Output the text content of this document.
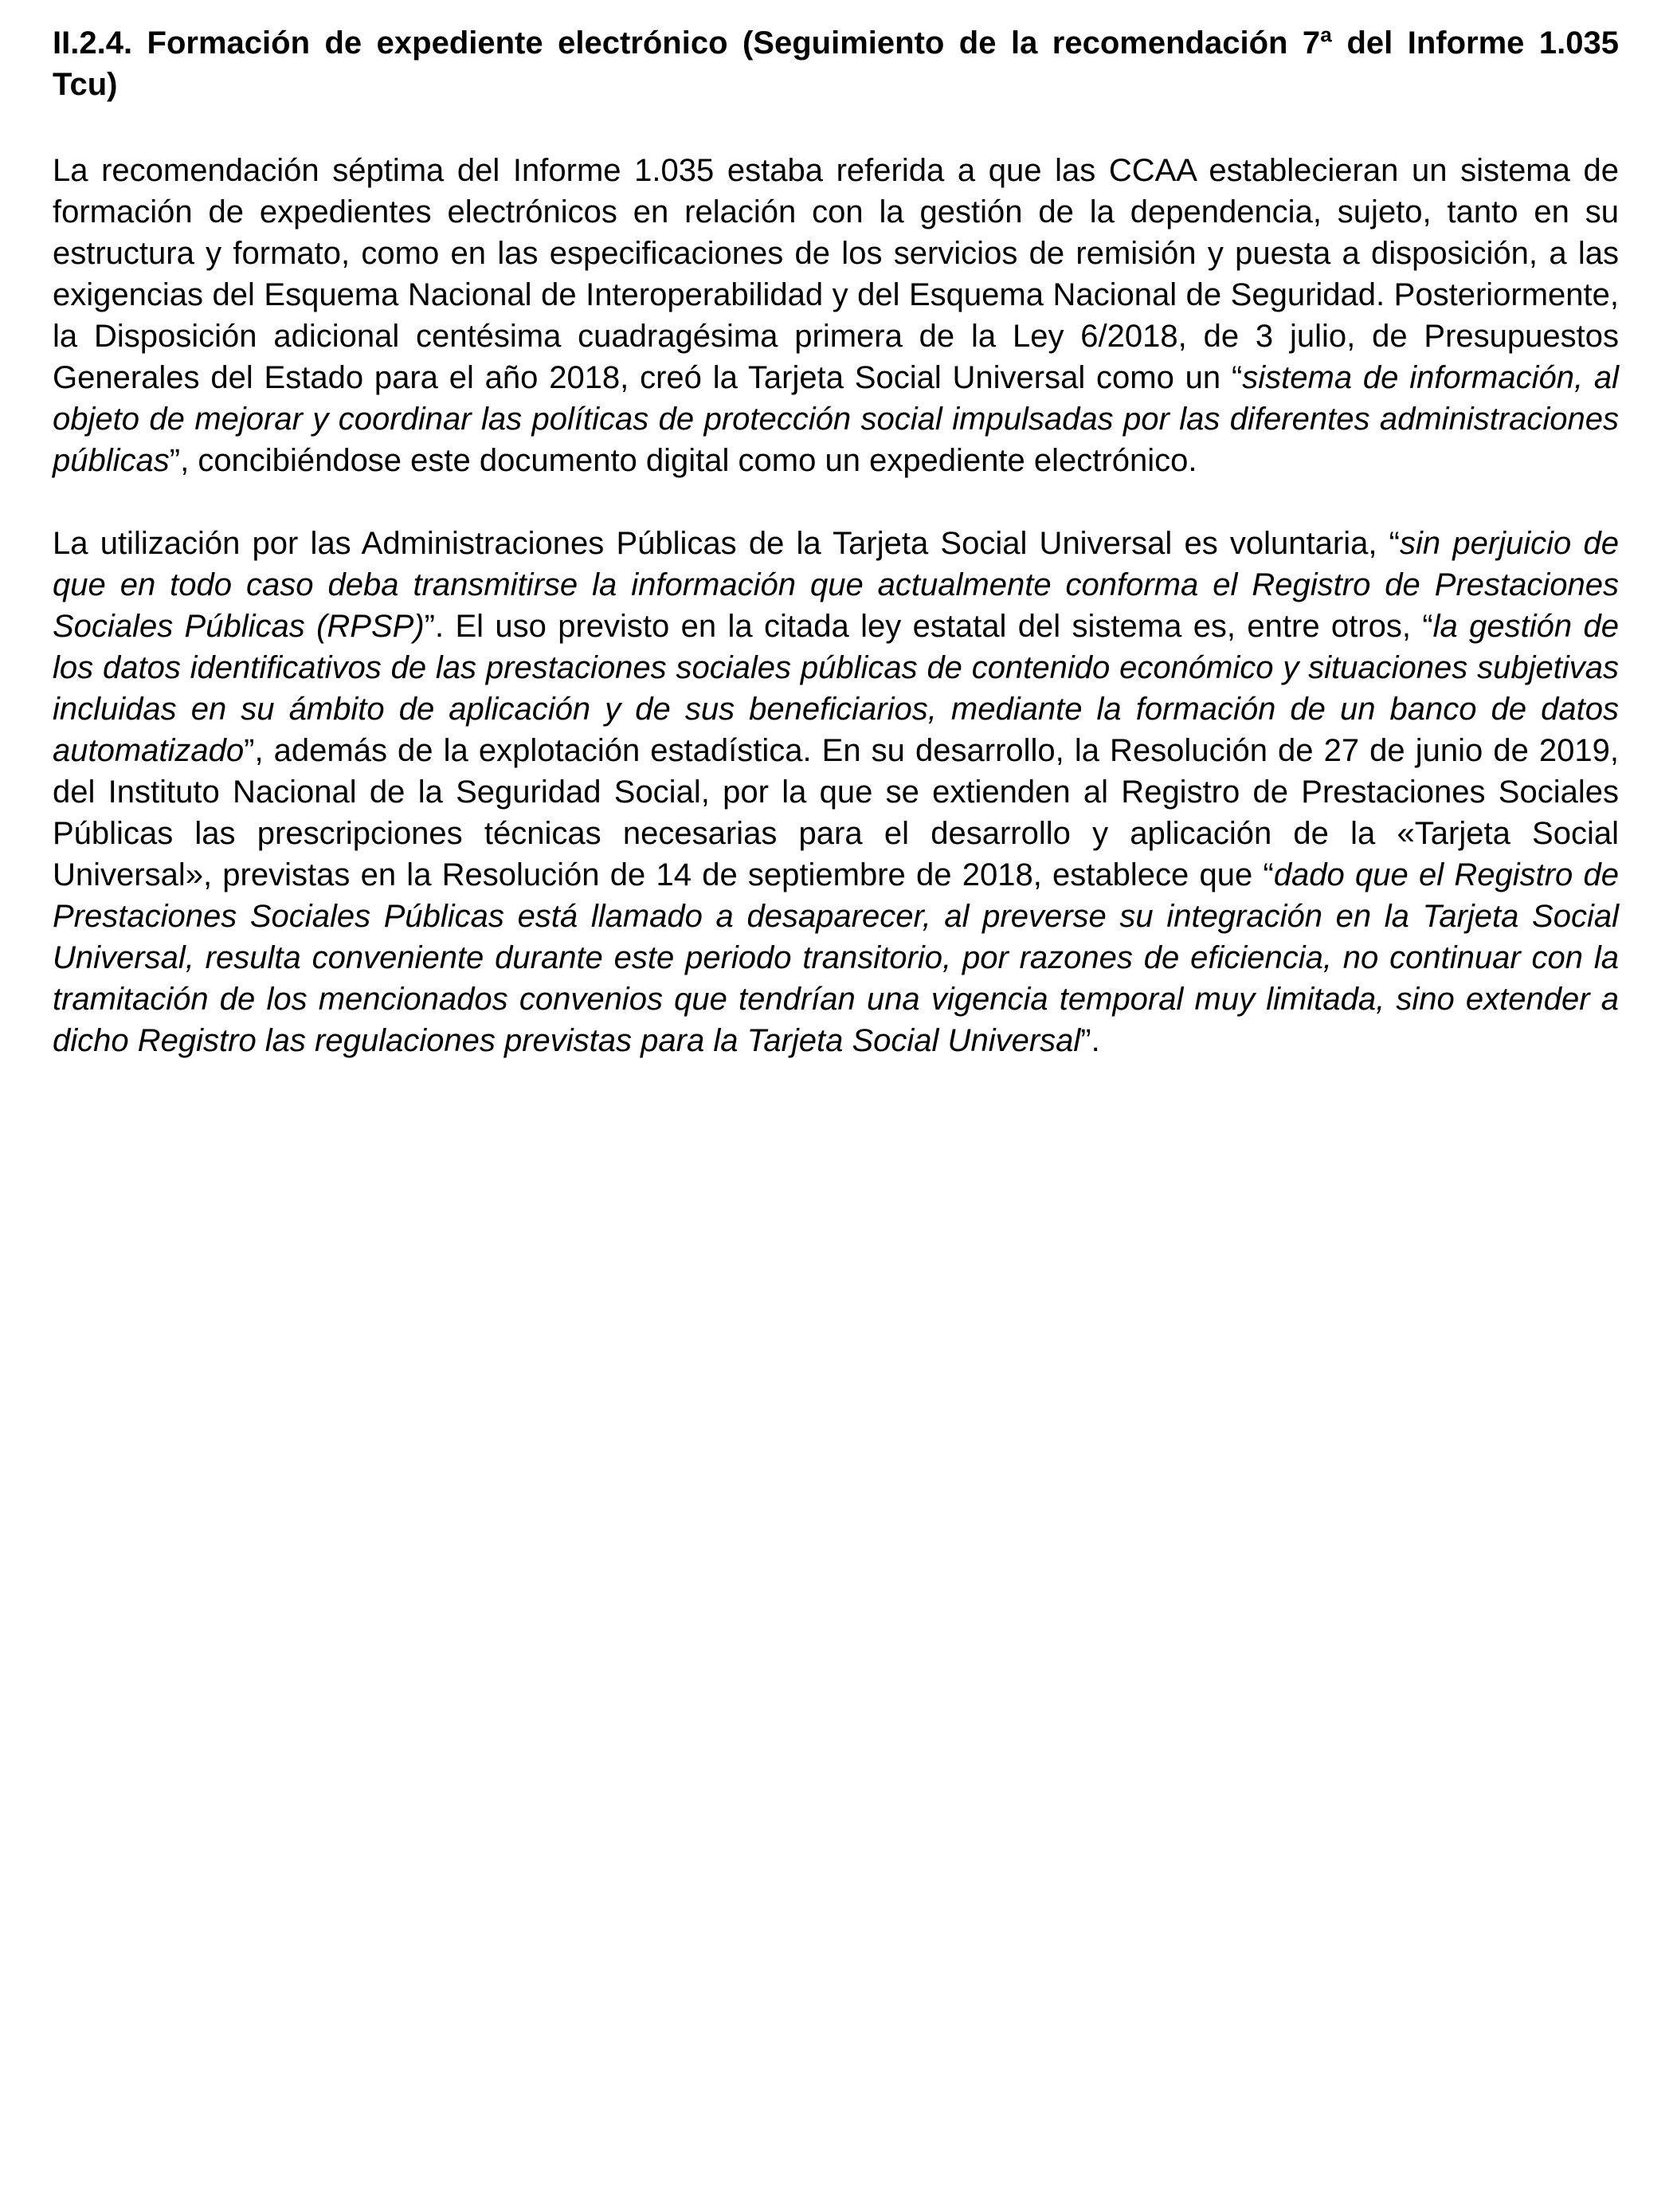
II.2.4. Formación de expediente electrónico (Seguimiento de la recomendación 7ª del Informe 1.035 Tcu)

La recomendación séptima del Informe 1.035 estaba referida a que las CCAA establecieran un sistema de formación de expedientes electrónicos en relación con la gestión de la dependencia, sujeto, tanto en su estructura y formato, como en las especificaciones de los servicios de remisión y puesta a disposición, a las exigencias del Esquema Nacional de Interoperabilidad y del Esquema Nacional de Seguridad. Posteriormente, la Disposición adicional centésima cuadragésima primera de la Ley 6/2018, de 3 julio, de Presupuestos Generales del Estado para el año 2018, creó la Tarjeta Social Universal como un “sistema de información, al objeto de mejorar y coordinar las políticas de protección social impulsadas por las diferentes administraciones públicas”, concibiéndose este documento digital como un expediente electrónico.

La utilización por las Administraciones Públicas de la Tarjeta Social Universal es voluntaria, “sin perjuicio de que en todo caso deba transmitirse la información que actualmente conforma el Registro de Prestaciones Sociales Públicas (RPSP)”. El uso previsto en la citada ley estatal del sistema es, entre otros, “la gestión de los datos identificativos de las prestaciones sociales públicas de contenido económico y situaciones subjetivas incluidas en su ámbito de aplicación y de sus beneficiarios, mediante la formación de un banco de datos automatizado”, además de la explotación estadística. En su desarrollo, la Resolución de 27 de junio de 2019, del Instituto Nacional de la Seguridad Social, por la que se extienden al Registro de Prestaciones Sociales Públicas las prescripciones técnicas necesarias para el desarrollo y aplicación de la «Tarjeta Social Universal», previstas en la Resolución de 14 de septiembre de 2018, establece que “dado que el Registro de Prestaciones Sociales Públicas está llamado a desaparecer, al preverse su integración en la Tarjeta Social Universal, resulta conveniente durante este periodo transitorio, por razones de eficiencia, no continuar con la tramitación de los mencionados convenios que tendrían una vigencia temporal muy limitada, sino extender a dicho Registro las regulaciones previstas para la Tarjeta Social Universal”.
